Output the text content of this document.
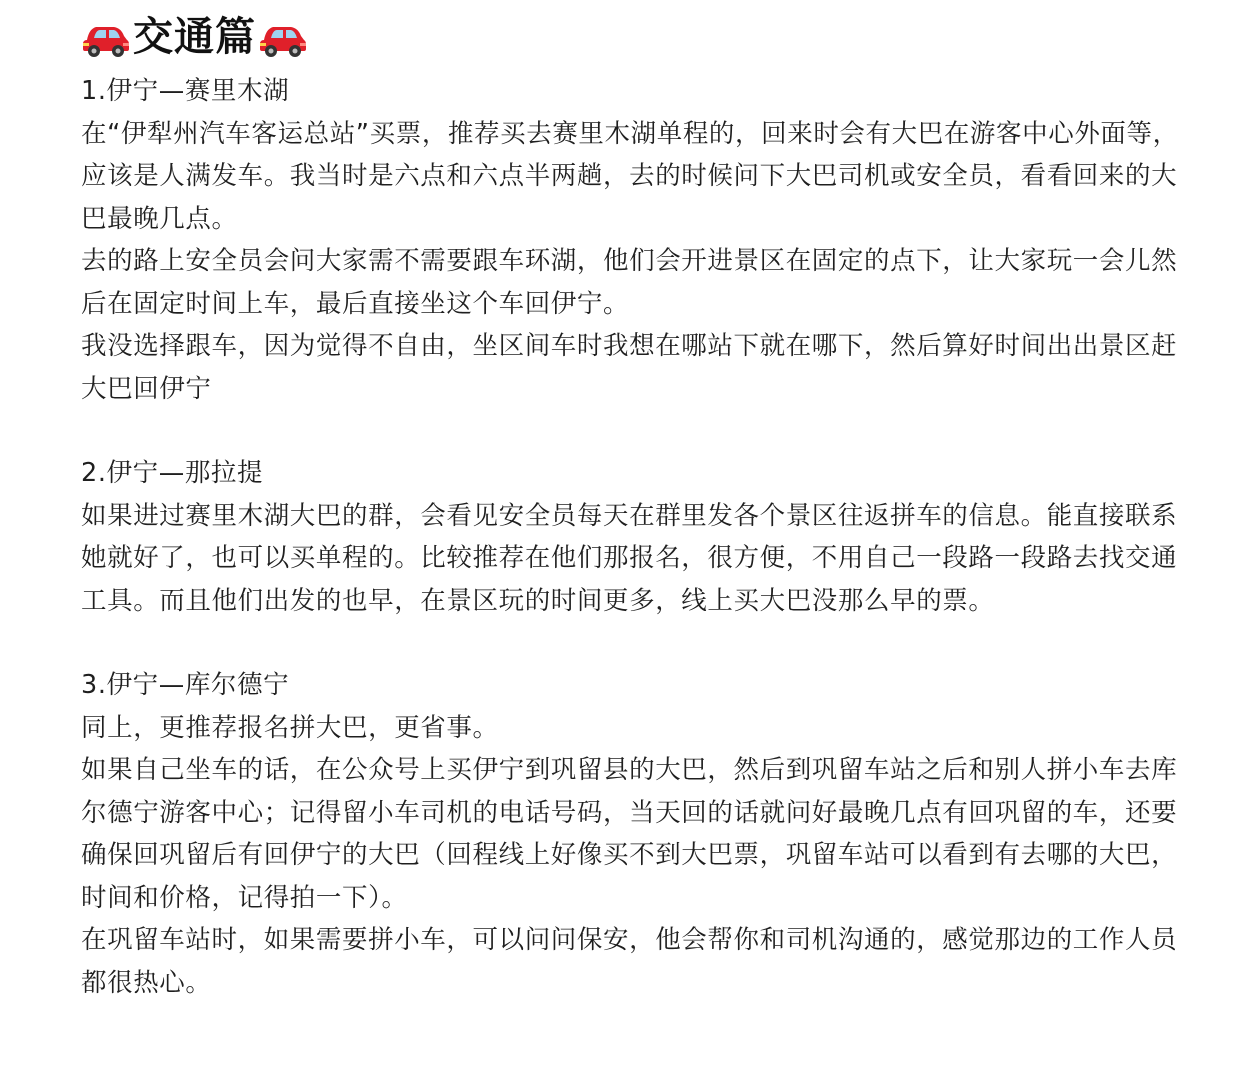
交通篇

1.伊宁—赛里木湖

在“伊犁州汽车客运总站”买票，推荐买去赛里木湖单程的，回来时会有大巴在游客中心外面等，应该是人满发车。我当时是六点和六点半两趟，去的时候问下大巴司机或安全员，看看回来的大巴最晚几点。

去的路上安全员会问大家需不需要跟车环湖，他们会开进景区在固定的点下，让大家玩一会儿然后在固定时间上车，最后直接坐这个车回伊宁。

我没选择跟车，因为觉得不自由，坐区间车时我想在哪站下就在哪下，然后算好时间出出景区赶大巴回伊宁

2.伊宁—那拉提

如果进过赛里木湖大巴的群，会看见安全员每天在群里发各个景区往返拼车的信息。能直接联系她就好了，也可以买单程的。比较推荐在他们那报名，很方便，不用自己一段路一段路去找交通工具。而且他们出发的也早，在景区玩的时间更多，线上买大巴没那么早的票。

3.伊宁—库尔德宁

同上，更推荐报名拼大巴，更省事。

如果自己坐车的话，在公众号上买伊宁到巩留县的大巴，然后到巩留车站之后和别人拼小车去库尔德宁游客中心；记得留小车司机的电话号码，当天回的话就问好最晚几点有回巩留的车，还要确保回巩留后有回伊宁的大巴（回程线上好像买不到大巴票，巩留车站可以看到有去哪的大巴，时间和价格，记得拍一下）。

在巩留车站时，如果需要拼小车，可以问问保安，他会帮你和司机沟通的，感觉那边的工作人员都很热心。
